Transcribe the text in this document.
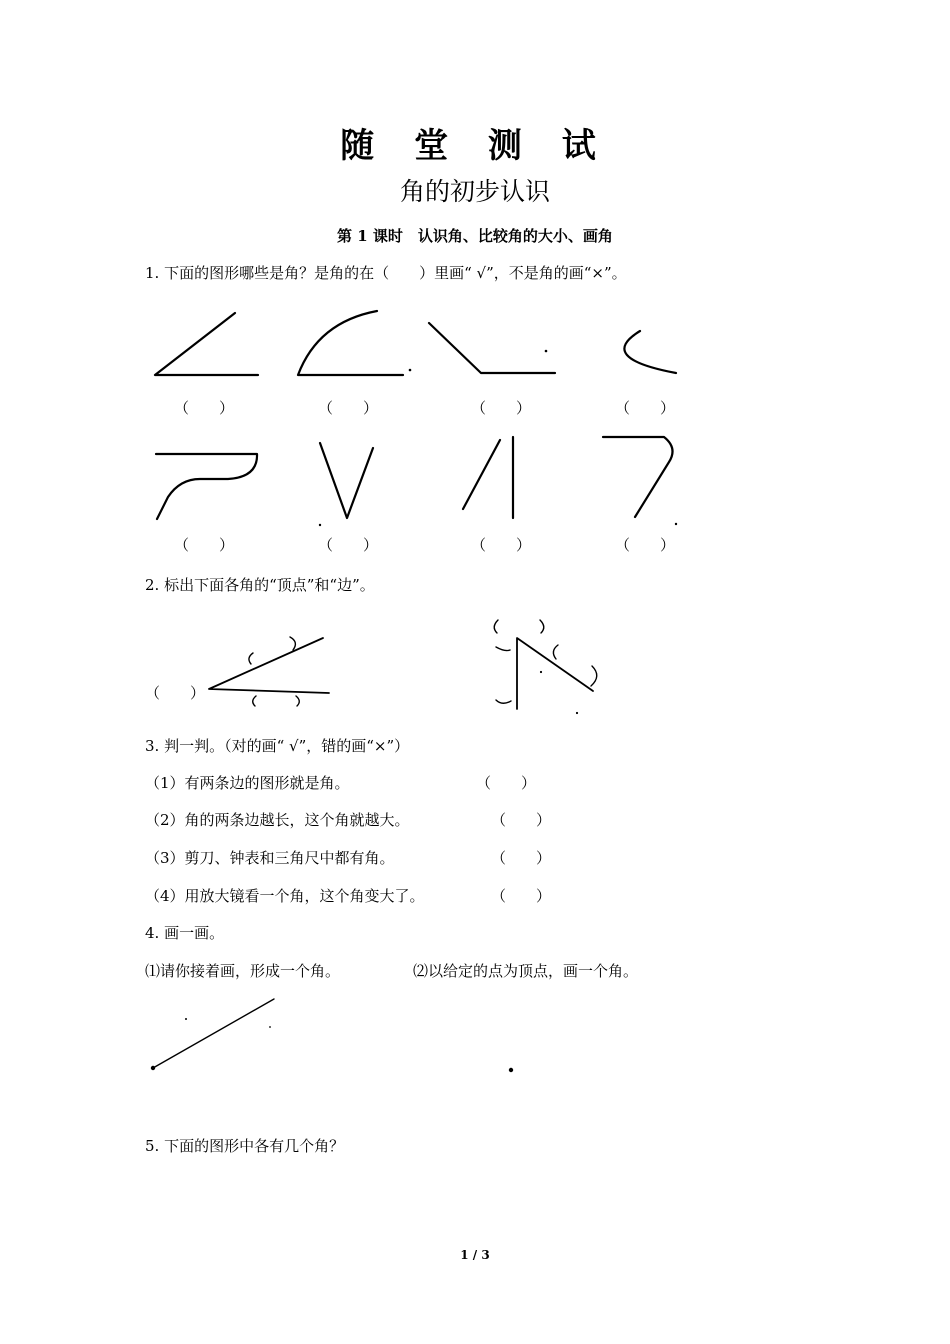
随 堂 测 试
角的初步认识
第 1 课时　认识角、比较角的大小、画角
1. 下面的图形哪些是角？是角的在（　　）里画“ √”，不是角的画“×”。
（　　）	（　　）	（　　）	（　　）
（　　）	（　　）	（　　）	（　　）
2. 标出下面各角的“顶点”和“边”。
（　　）
3. 判一判。（对的画“ √”，错的画“×”）
（1）有两条边的图形就是角。	（　　）
（2）角的两条边越长，这个角就越大。	（　　）
（3）剪刀、钟表和三角尺中都有角。	（　　）
（4）用放大镜看一个角，这个角变大了。	（　　）
4. 画一画。
⑴请你接着画，形成一个角。	⑵以给定的点为顶点，画一个角。
5. 下面的图形中各有几个角？
1 / 3
